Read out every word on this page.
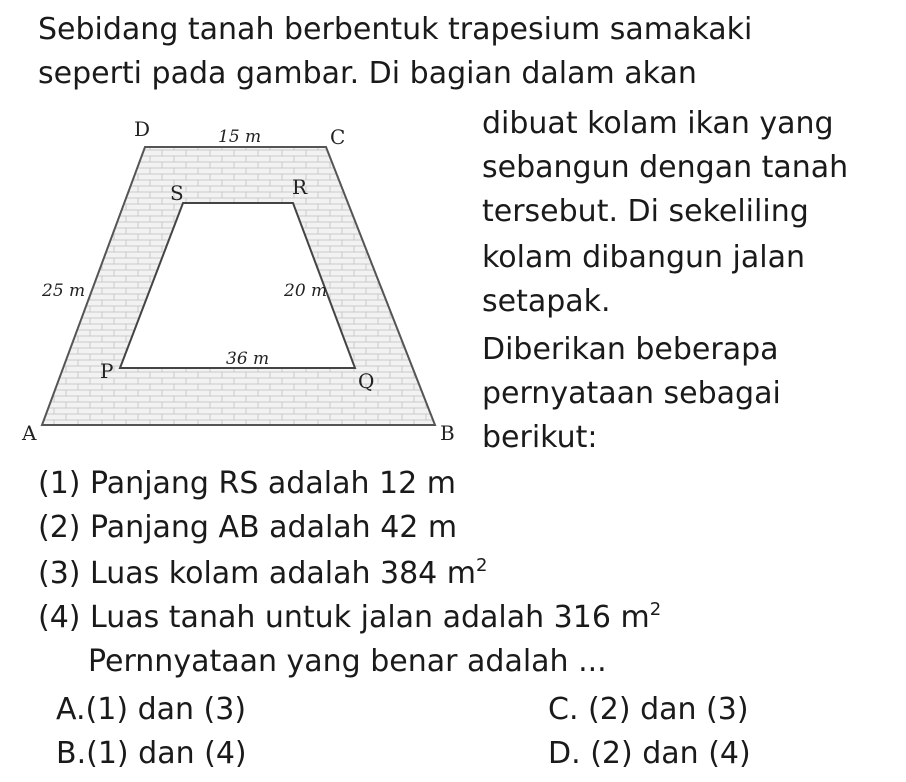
Sebidang tanah berbentuk trapesium samakaki
seperti pada gambar. Di bagian dalam akan
dibuat kolam ikan yang
sebangun dengan tanah
tersebut. Di sekeliling
kolam dibangun jalan
setapak.
Diberikan beberapa
pernyataan sebagai
berikut:
D	C
S	R
P	Q
A	B
15 m
25 m	20 m
36 m
(1) Panjang RS adalah 12 m
(2) Panjang AB adalah 42 m
(3) Luas kolam adalah 384 $m^2$
(4) Luas tanah untuk jalan adalah 316 $m^2$
Pernnyataan yang benar adalah ...
A.(1) dan (3)
B.(1) dan (4)
C. (2) dan (3)
D. (2) dan (4)
